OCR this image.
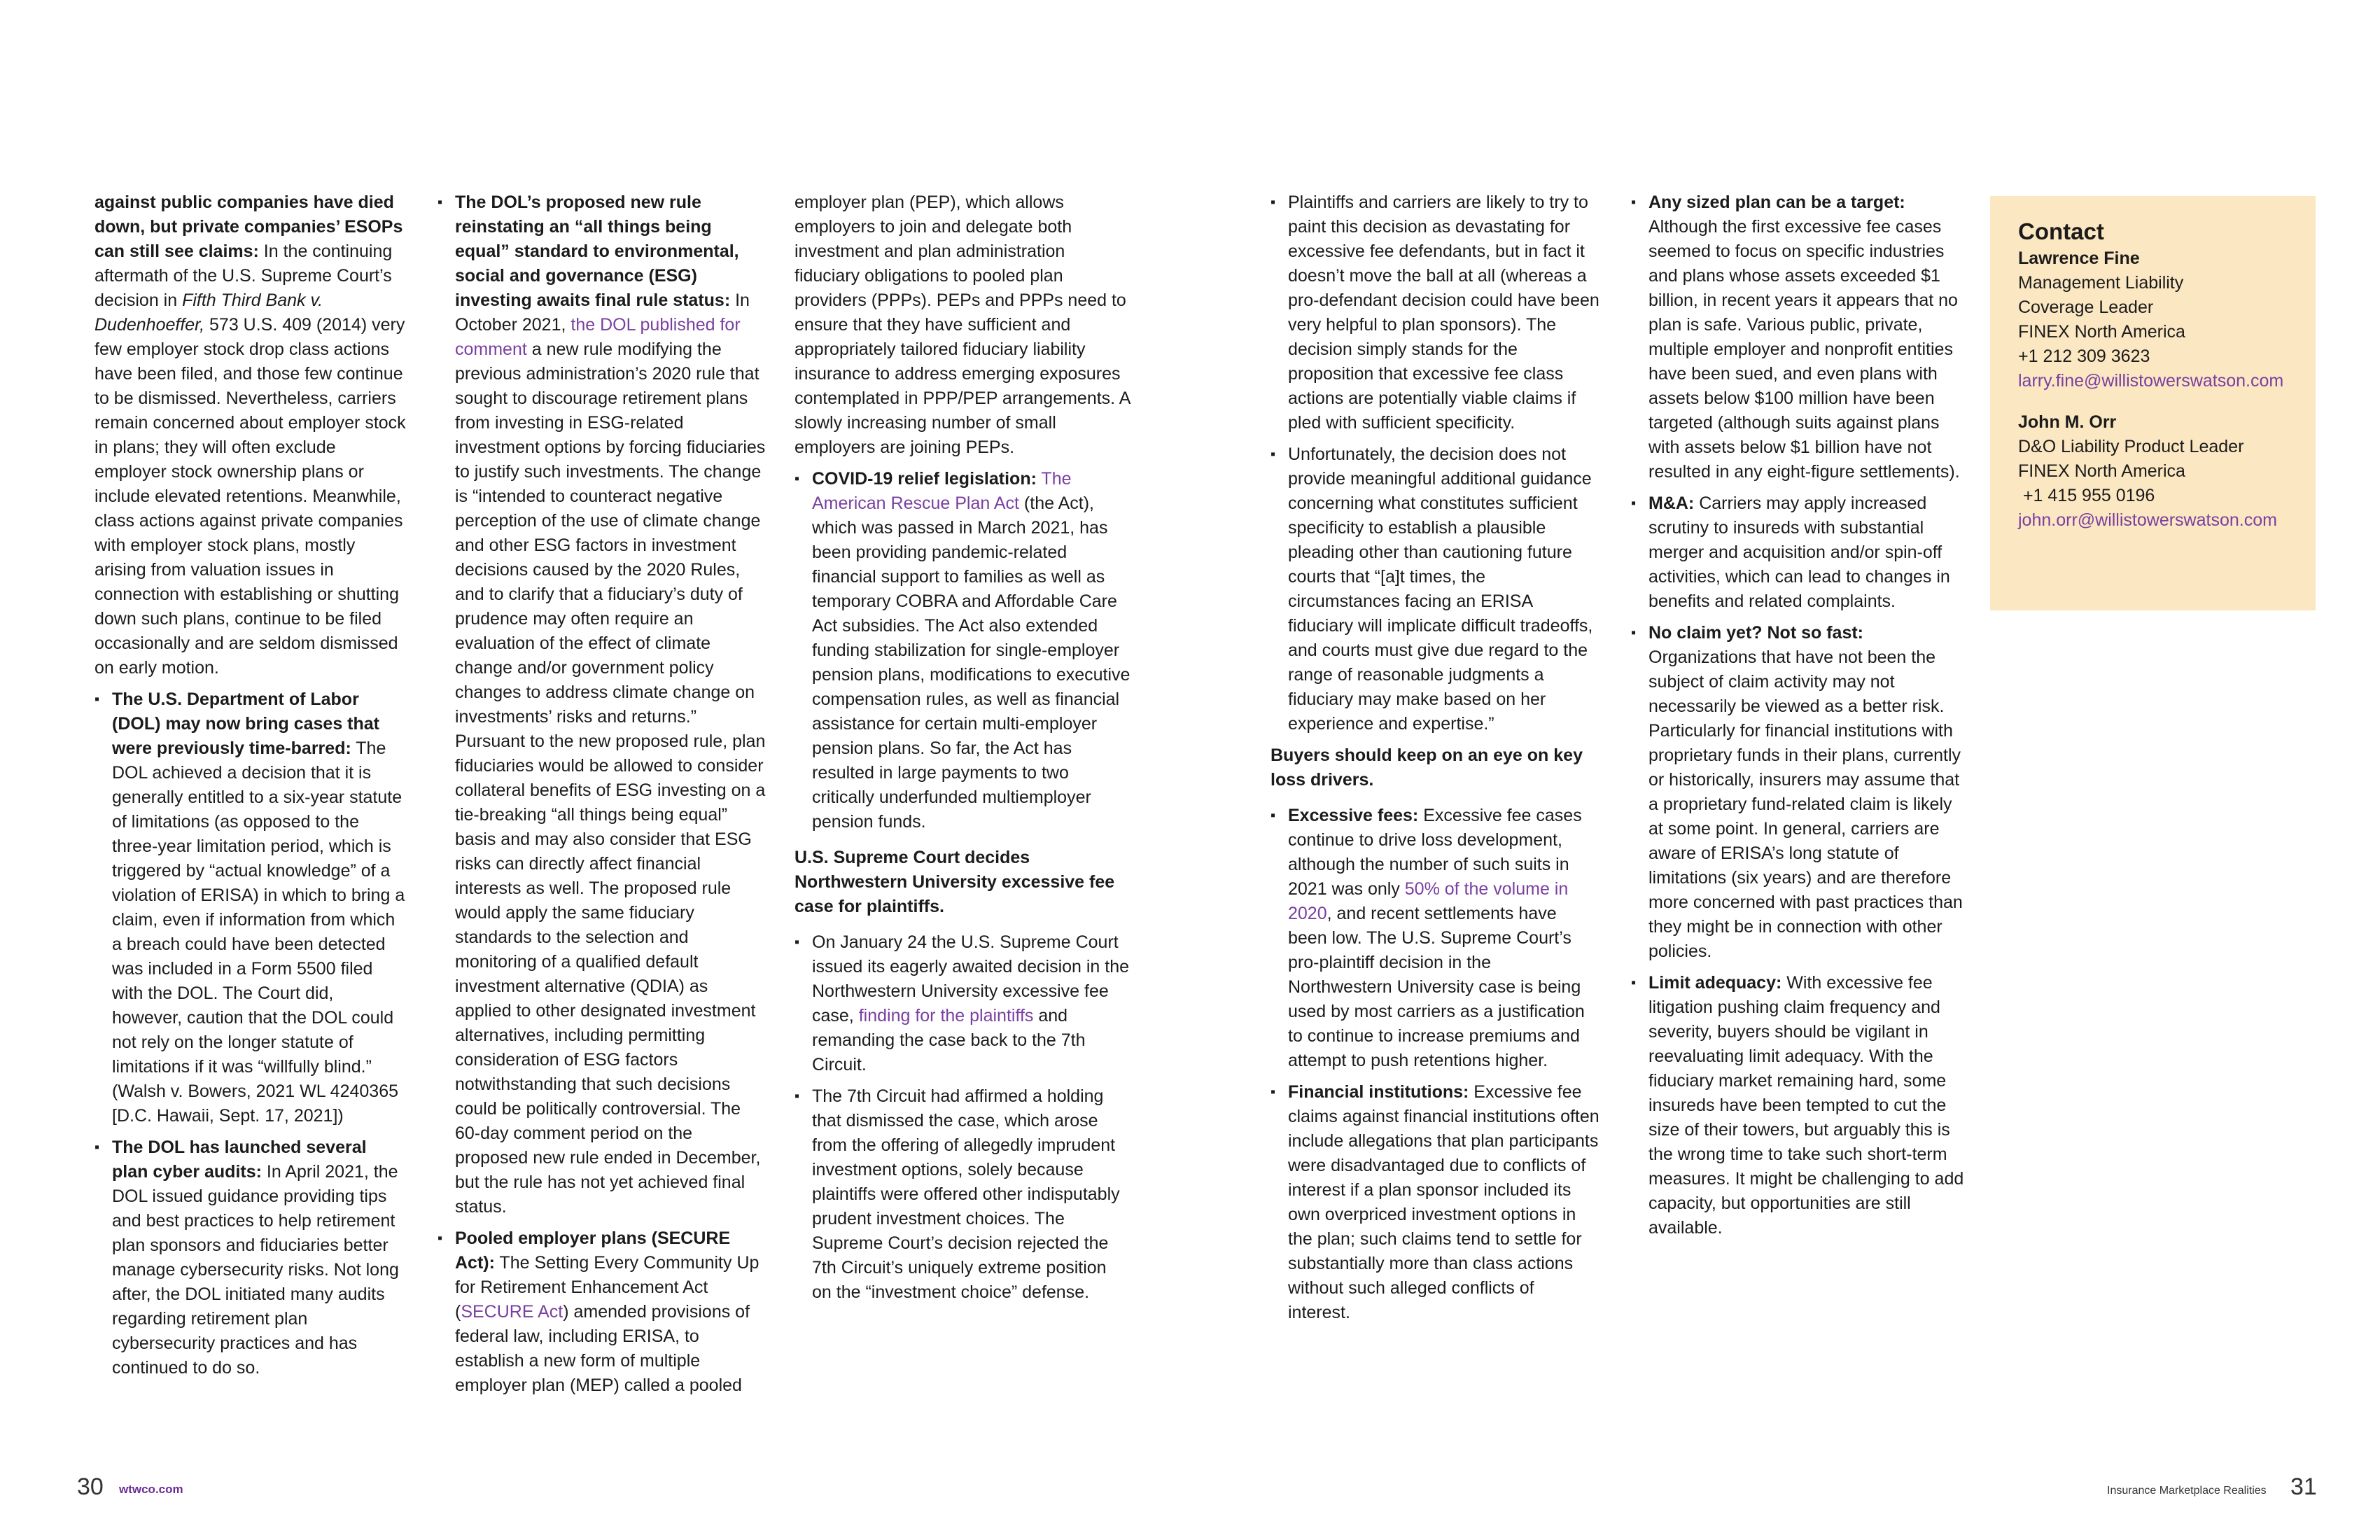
against public companies have died down, but private companies’ ESOPs can still see claims: In the continuing aftermath of the U.S. Supreme Court’s decision in Fifth Third Bank v. Dudenhoeffer, 573 U.S. 409 (2014) very few employer stock drop class actions have been filed, and those few continue to be dismissed. Nevertheless, carriers remain concerned about employer stock in plans; they will often exclude employer stock ownership plans or include elevated retentions. Meanwhile, class actions against private companies with employer stock plans, mostly arising from valuation issues in connection with establishing or shutting down such plans, continue to be filed occasionally and are seldom dismissed on early motion.

▪ The U.S. Department of Labor (DOL) may now bring cases that were previously time-barred: The DOL achieved a decision that it is generally entitled to a six-year statute of limitations (as opposed to the three-year limitation period, which is triggered by “actual knowledge” of a violation of ERISA) in which to bring a claim, even if information from which a breach could have been detected was included in a Form 5500 filed with the DOL. The Court did, however, caution that the DOL could not rely on the longer statute of limitations if it was “willfully blind.” (Walsh v. Bowers, 2021 WL 4240365 [D.C. Hawaii, Sept. 17, 2021])
▪ The DOL has launched several plan cyber audits: In April 2021, the DOL issued guidance providing tips and best practices to help retirement plan sponsors and fiduciaries better manage cybersecurity risks. Not long after, the DOL initiated many audits regarding retirement plan cybersecurity practices and has continued to do so.
▪ The DOL’s proposed new rule reinstating an “all things being equal” standard to environmental, social and governance (ESG) investing awaits final rule status: In October 2021, the DOL published for comment a new rule modifying the previous administration’s 2020 rule that sought to discourage retirement plans from investing in ESG-related investment options by forcing fiduciaries to justify such investments. The change is “intended to counteract negative perception of the use of climate change and other ESG factors in investment decisions caused by the 2020 Rules, and to clarify that a fiduciary’s duty of prudence may often require an evaluation of the effect of climate change and/or government policy changes to address climate change on investments’ risks and returns.” Pursuant to the new proposed rule, plan fiduciaries would be allowed to consider collateral benefits of ESG investing on a tie-breaking “all things being equal” basis and may also consider that ESG risks can directly affect financial interests as well. The proposed rule would apply the same fiduciary standards to the selection and monitoring of a qualified default investment alternative (QDIA) as applied to other designated investment alternatives, including permitting consideration of ESG factors notwithstanding that such decisions could be politically controversial. The 60-day comment period on the proposed new rule ended in December, but the rule has not yet achieved final status.
▪ Pooled employer plans (SECURE Act): The Setting Every Community Up for Retirement Enhancement Act (SECURE Act) amended provisions of federal law, including ERISA, to establish a new form of multiple employer plan (MEP) called a pooled

employer plan (PEP), which allows employers to join and delegate both investment and plan administration fiduciary obligations to pooled plan providers (PPPs). PEPs and PPPs need to ensure that they have sufficient and appropriately tailored fiduciary liability insurance to address emerging exposures contemplated in PPP/PEP arrangements. A slowly increasing number of small employers are joining PEPs.

▪ COVID-19 relief legislation: The American Rescue Plan Act (the Act), which was passed in March 2021, has been providing pandemic-related financial support to families as well as temporary COBRA and Affordable Care Act subsidies. The Act also extended funding stabilization for single-employer pension plans, modifications to executive compensation rules, as well as financial assistance for certain multi-employer pension plans. So far, the Act has resulted in large payments to two critically underfunded multiemployer pension funds.

U.S. Supreme Court decides Northwestern University excessive fee case for plaintiffs.

▪ On January 24 the U.S. Supreme Court issued its eagerly awaited decision in the Northwestern University excessive fee case, finding for the plaintiffs and remanding the case back to the 7th Circuit.
▪ The 7th Circuit had affirmed a holding that dismissed the case, which arose from the offering of allegedly imprudent investment options, solely because plaintiffs were offered other indisputably prudent investment choices. The Supreme Court’s decision rejected the 7th Circuit’s uniquely extreme position on the “investment choice” defense.
▪ Plaintiffs and carriers are likely to try to paint this decision as devastating for excessive fee defendants, but in fact it doesn’t move the ball at all (whereas a pro-defendant decision could have been very helpful to plan sponsors). The decision simply stands for the proposition that excessive fee class actions are potentially viable claims if pled with sufficient specificity.
▪ Unfortunately, the decision does not provide meaningful additional guidance concerning what constitutes sufficient specificity to establish a plausible pleading other than cautioning future courts that “[a]t times, the circumstances facing an ERISA fiduciary will implicate difficult tradeoffs, and courts must give due regard to the range of reasonable judgments a fiduciary may make based on her experience and expertise.”

Buyers should keep on an eye on key loss drivers.

▪ Excessive fees: Excessive fee cases continue to drive loss development, although the number of such suits in 2021 was only 50% of the volume in 2020, and recent settlements have been low. The U.S. Supreme Court’s pro-plaintiff decision in the Northwestern University case is being used by most carriers as a justification to continue to increase premiums and attempt to push retentions higher.
▪ Financial institutions: Excessive fee claims against financial institutions often include allegations that plan participants were disadvantaged due to conflicts of interest if a plan sponsor included its own overpriced investment options in the plan; such claims tend to settle for substantially more than class actions without such alleged conflicts of interest.
▪ Any sized plan can be a target: Although the first excessive fee cases seemed to focus on specific industries and plans whose assets exceeded $1 billion, in recent years it appears that no plan is safe. Various public, private, multiple employer and nonprofit entities have been sued, and even plans with assets below $100 million have been targeted (although suits against plans with assets below $1 billion have not resulted in any eight-figure settlements).
▪ M&A: Carriers may apply increased scrutiny to insureds with substantial merger and acquisition and/or spin-off activities, which can lead to changes in benefits and related complaints.
▪ No claim yet? Not so fast: Organizations that have not been the subject of claim activity may not necessarily be viewed as a better risk. Particularly for financial institutions with proprietary funds in their plans, currently or historically, insurers may assume that a proprietary fund-related claim is likely at some point. In general, carriers are aware of ERISA’s long statute of limitations (six years) and are therefore more concerned with past practices than they might be in connection with other policies.
▪ Limit adequacy: With excessive fee litigation pushing claim frequency and severity, buyers should be vigilant in reevaluating limit adequacy. With the fiduciary market remaining hard, some insureds have been tempted to cut the size of their towers, but arguably this is the wrong time to take such short-term measures. It might be challenging to add capacity, but opportunities are still available.
Contact
Lawrence Fine
Management Liability
Coverage Leader
FINEX North America
+1 212 309 3623
larry.fine@willistowerswatson.com
John M. Orr
D&O Liability Product Leader
FINEX North America
+1 415 955 0196
john.orr@willistowerswatson.com
30 wtwco.com	Insurance Marketplace Realities 31
